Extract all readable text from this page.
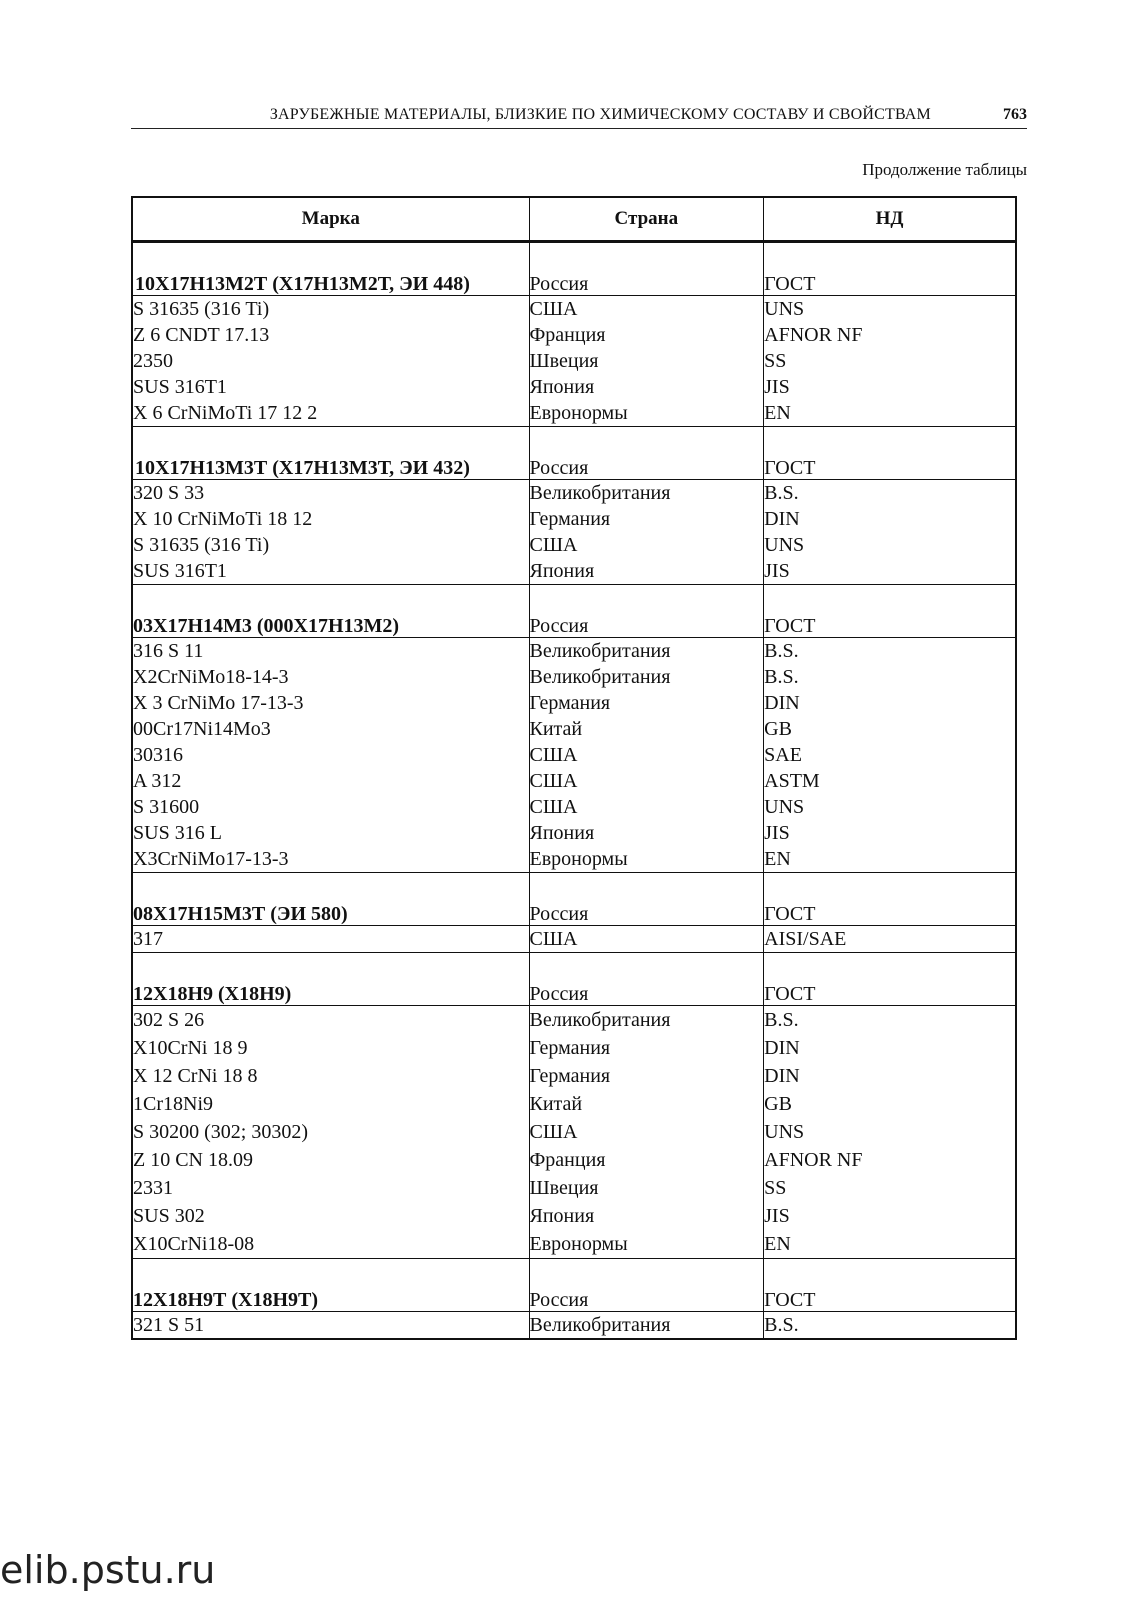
ЗАРУБЕЖНЫЕ МАТЕРИАЛЫ, БЛИЗКИЕ ПО ХИМИЧЕСКОМУ СОСТАВУ И СВОЙСТВАМ	763
Продолжение таблицы
Марка	Страна	НД
10Х17Н13М2Т (Х17Н13М2Т, ЭИ 448)	Россия	ГОСТ
S 31635 (316 Ti)	США	UNS
Z 6 CNDT 17.13	Франция	AFNOR NF
2350	Швеция	SS
SUS 316T1	Япония	JIS
X 6 CrNiMoTi 17 12 2	Евронормы	EN
10Х17Н13М3Т (Х17Н13М3Т, ЭИ 432)	Россия	ГОСТ
320 S 33	Великобритания	B.S.
X 10 CrNiMoTi 18 12	Германия	DIN
S 31635 (316 Ti)	США	UNS
SUS 316T1	Япония	JIS
03Х17Н14М3 (000Х17Н13М2)	Россия	ГОСТ
316 S 11	Великобритания	B.S.
X2CrNiMo18-14-3	Великобритания	B.S.
X 3 CrNiMo 17-13-3	Германия	DIN
00Cr17Ni14Mo3	Китай	GB
30316	США	SAE
A 312	США	ASTM
S 31600	США	UNS
SUS 316 L	Япония	JIS
X3CrNiMo17-13-3	Евронормы	EN
08Х17Н15М3Т (ЭИ 580)	Россия	ГОСТ
317	США	AISI/SAE
12Х18Н9 (Х18Н9)	Россия	ГОСТ
302 S 26	Великобритания	B.S.
X10CrNi 18 9	Германия	DIN
X 12 CrNi 18 8	Германия	DIN
1Cr18Ni9	Китай	GB
S 30200 (302; 30302)	США	UNS
Z 10 CN 18.09	Франция	AFNOR NF
2331	Швеция	SS
SUS 302	Япония	JIS
X10CrNi18-08	Евронормы	EN
12Х18Н9Т (Х18Н9Т)	Россия	ГОСТ
321 S 51	Великобритания	B.S.
elib.pstu.ru
